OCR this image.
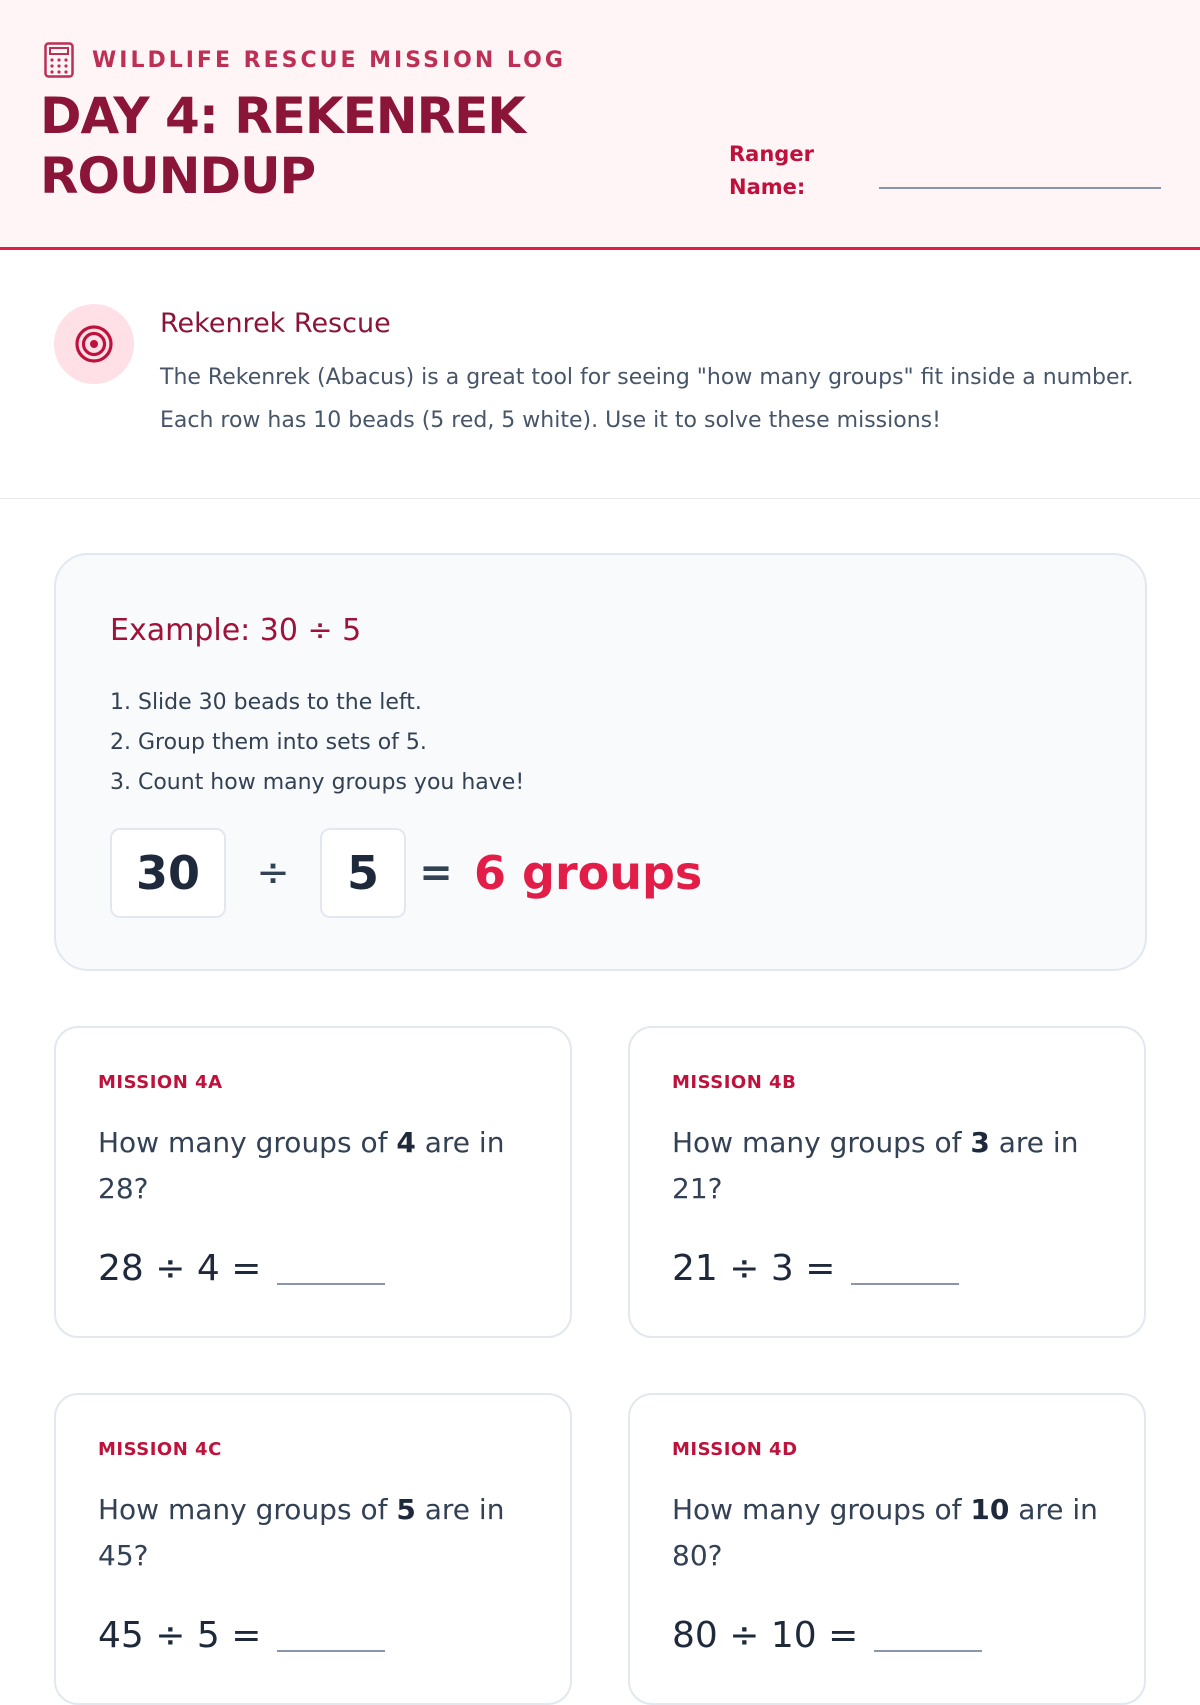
WILDLIFE RESCUE MISSION LOG
DAY 4: REKENREK
ROUNDUP	Ranger Name:
Rekenrek Rescue
The Rekenrek (Abacus) is a great tool for seeing "how many groups" fit inside a number. Each row has 10 beads (5 red, 5 white). Use it to solve these missions!
Example: 30 ÷ 5
1. Slide 30 beads to the left.
2. Group them into sets of 5.
3. Count how many groups you have!
30	÷	5	= 6 groups
MISSION 4A
How many groups of 4 are in 28?
28 ÷ 4 =
MISSION 4B
How many groups of 3 are in 21?
21 ÷ 3 =
MISSION 4C
How many groups of 5 are in 45?
45 ÷ 5 =
MISSION 4D
How many groups of 10 are in 80?
80 ÷ 10 =
